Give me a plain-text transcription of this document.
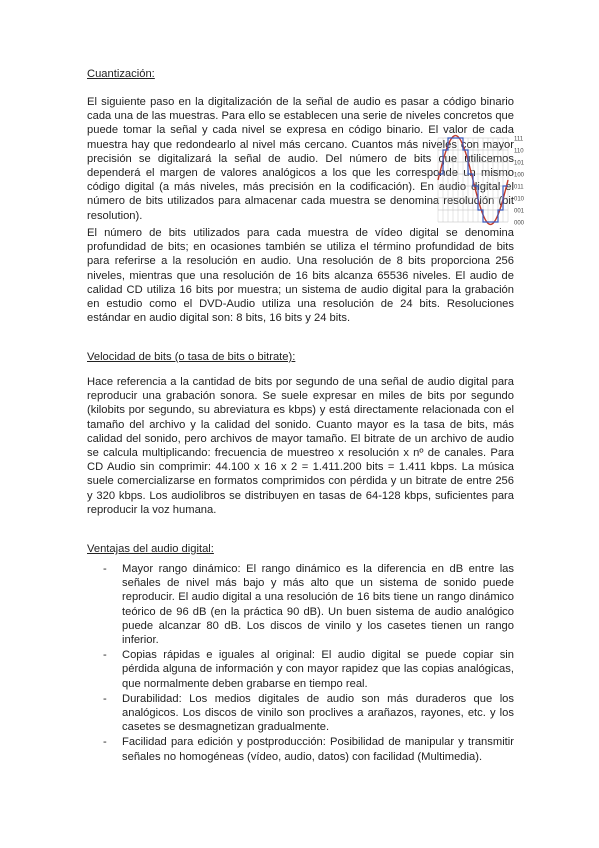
Cuantización:

El siguiente paso en la digitalización de la señal de audio es pasar a código binario cada una de las muestras. Para ello se establecen una serie de niveles concretos que puede tomar la señal y cada nivel se expresa en código binario. El valor de cada muestra hay que redondearlo al nivel más cercano. Cuantos más niveles con mayor precisión se digitalizará la señal de audio. Del número de bits que utilicemos dependerá el margen de valores analógicos a los que les corresponde un mismo código digital (a más niveles, más precisión en la codificación). En audio digital el número de bits utilizados para almacenar cada muestra se denomina resolución (bit resolution).

El número de bits utilizados para cada muestra de vídeo digital se denomina profundidad de bits; en ocasiones también se utiliza el término profundidad de bits para referirse a la resolución en audio. Una resolución de 8 bits proporciona 256 niveles, mientras que una resolución de 16 bits alcanza 65536 niveles. El audio de calidad CD utiliza 16 bits por muestra; un sistema de audio digital para la grabación en estudio como el DVD-Audio utiliza una resolución de 24 bits. Resoluciones estándar en audio digital son: 8 bits, 16 bits y 24 bits.

111
110
101
100
011
010
001
000
Velocidad de bits (o tasa de bits o bitrate):

Hace referencia a la cantidad de bits por segundo de una señal de audio digital para reproducir una grabación sonora. Se suele expresar en miles de bits por segundo (kilobits por segundo, su abreviatura es kbps) y está directamente relacionada con el tamaño del archivo y la calidad del sonido. Cuanto mayor es la tasa de bits, más calidad del sonido, pero archivos de mayor tamaño. El bitrate de un archivo de audio se calcula multiplicando: frecuencia de muestreo x resolución x nº de canales. Para CD Audio sin comprimir: 44.100 x 16 x 2 = 1.411.200 bits = 1.411 kbps. La música suele comercializarse en formatos comprimidos con pérdida y un bitrate de entre 256 y 320 kbps. Los audiolibros se distribuyen en tasas de 64-128 kbps, suficientes para reproducir la voz humana.

Ventajas del audio digital:
- Mayor rango dinámico: El rango dinámico es la diferencia en dB entre las señales de nivel más bajo y más alto que un sistema de sonido puede reproducir. El audio digital a una resolución de 16 bits tiene un rango dinámico teórico de 96 dB (en la práctica 90 dB). Un buen sistema de audio analógico puede alcanzar 80 dB. Los discos de vinilo y los casetes tienen un rango inferior.
- Copias rápidas e iguales al original: El audio digital se puede copiar sin pérdida alguna de información y con mayor rapidez que las copias analógicas, que normalmente deben grabarse en tiempo real.
- Durabilidad: Los medios digitales de audio son más duraderos que los analógicos. Los discos de vinilo son proclives a arañazos, rayones, etc. y los casetes se desmagnetizan gradualmente.
- Facilidad para edición y postproducción: Posibilidad de manipular y transmitir señales no homogéneas (vídeo, audio, datos) con facilidad (Multimedia).
